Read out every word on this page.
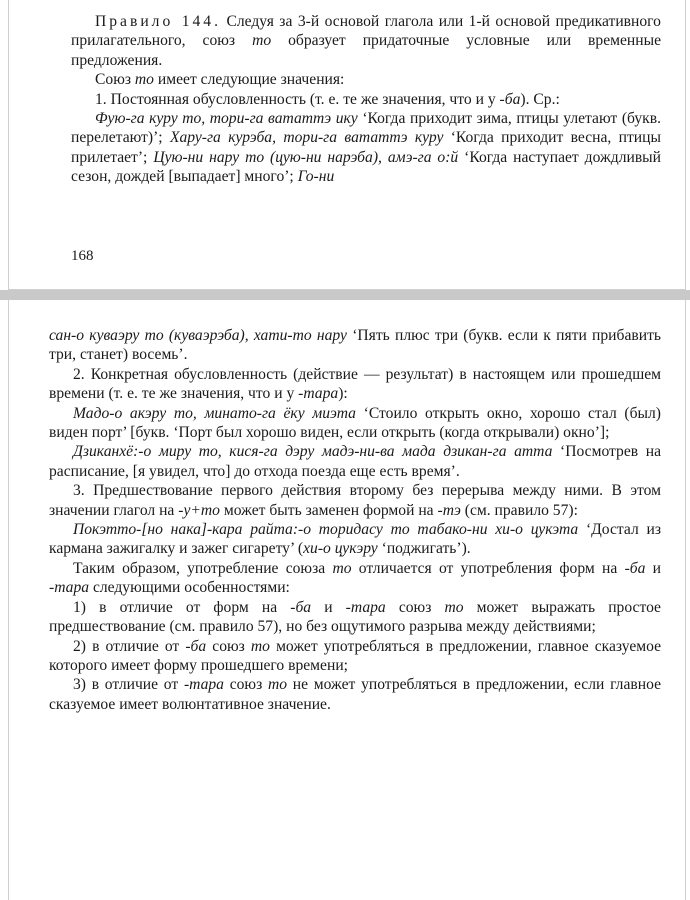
Правило 144. Следуя за 3-й основой глагола или 1-й основой предикативного прилагательного, союз то образует придаточные условные или временные предложения.

Союз то имеет следующие значения:

1. Постоянная обусловленность (т. е. те же значения, что и у -ба). Ср.:

Фую-га куру то, тори-га вататтэ ику ‘Когда приходит зима, птицы улетают (букв. перелетают)’; Хару-га курэба, тори-га вататтэ куру ‘Когда приходит весна, птицы прилетает’; Цую-ни нару то (цую-ни нарэба), амэ-га о:й ‘Когда наступает дождливый сезон, дождей [выпадает] много’; Го-ни

168

сан-о куваэру то (куваэрэба), хати-то нару ‘Пять плюс три (букв. если к пяти прибавить три, станет) восемь’.

2. Конкретная обусловленность (действие — результат) в настоящем или прошедшем времени (т. е. те же значения, что и у -тара):

Мадо-о акэру то, минато-га ёку миэта ‘Стоило открыть окно, хорошо стал (был) виден порт’ [букв. ‘Порт был хорошо виден, если открыть (когда открывали) окно’];

Дзиканхё:-о миру то, кися-га дэру мадэ-ни-ва мада дзикан-га атта ‘Посмотрев на расписание, [я увидел, что] до отхода поезда еще есть время’.

3. Предшествование первого действия второму без перерыва между ними. В этом значении глагол на -у+то может быть заменен формой на -тэ (см. правило 57):

Покэтто-[но нака]-кара райта:-о торидасу то табако-ни хи-о цукэта ‘Достал из кармана зажигалку и зажег сигарету’ (хи-о цукэру ‘поджигать’).

Таким образом, употребление союза то отличается от употребления форм на -ба и -тара следующими особенностями:

1) в отличие от форм на -ба и -тара союз то может выражать простое предшествование (см. правило 57), но без ощутимого разрыва между действиями;

2) в отличие от -ба союз то может употребляться в предложении, главное сказуемое которого имеет форму прошедшего времени;

3) в отличие от -тара союз то не может употребляться в предложении, если главное сказуемое имеет волюнтативное значение.
